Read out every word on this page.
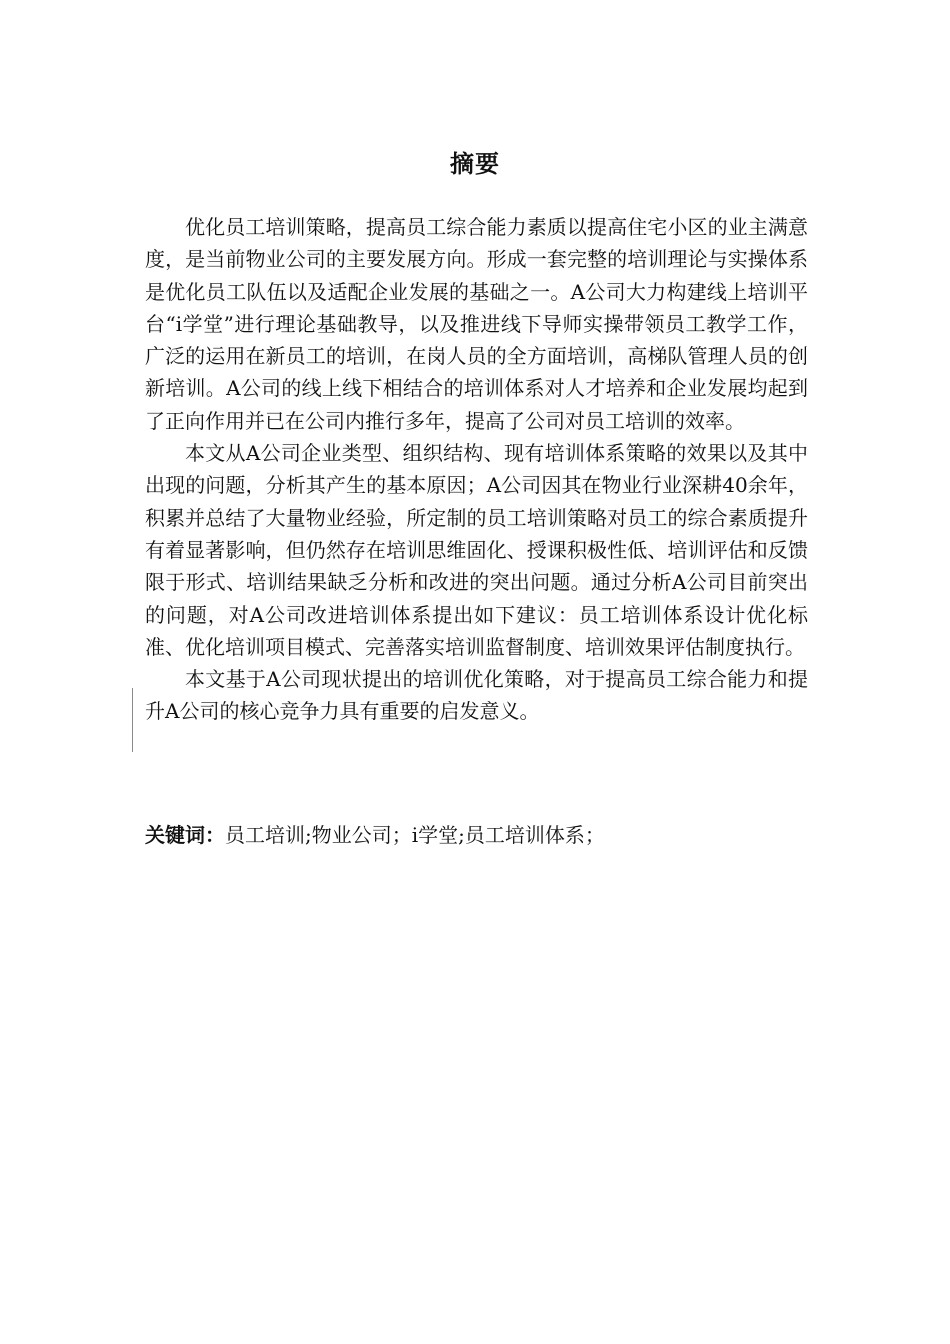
摘要

优化员工培训策略，提高员工综合能力素质以提高住宅小区的业主满意度，是当前物业公司的主要发展方向。形成一套完整的培训理论与实操体系是优化员工队伍以及适配企业发展的基础之一。A公司大力构建线上培训平台“i学堂”进行理论基础教导，以及推进线下导师实操带领员工教学工作，广泛的运用在新员工的培训，在岗人员的全方面培训，高梯队管理人员的创新培训。A公司的线上线下相结合的培训体系对人才培养和企业发展均起到了正向作用并已在公司内推行多年，提高了公司对员工培训的效率。

本文从A公司企业类型、组织结构、现有培训体系策略的效果以及其中出现的问题，分析其产生的基本原因；A公司因其在物业行业深耕40余年，积累并总结了大量物业经验，所定制的员工培训策略对员工的综合素质提升有着显著影响，但仍然存在培训思维固化、授课积极性低、培训评估和反馈限于形式、培训结果缺乏分析和改进的突出问题。通过分析A公司目前突出的问题，对A公司改进培训体系提出如下建议：员工培训体系设计优化标准、优化培训项目模式、完善落实培训监督制度、培训效果评估制度执行。

本文基于A公司现状提出的培训优化策略，对于提高员工综合能力和提升A公司的核心竞争力具有重要的启发意义。

关键词：员工培训;物业公司；i学堂;员工培训体系；
